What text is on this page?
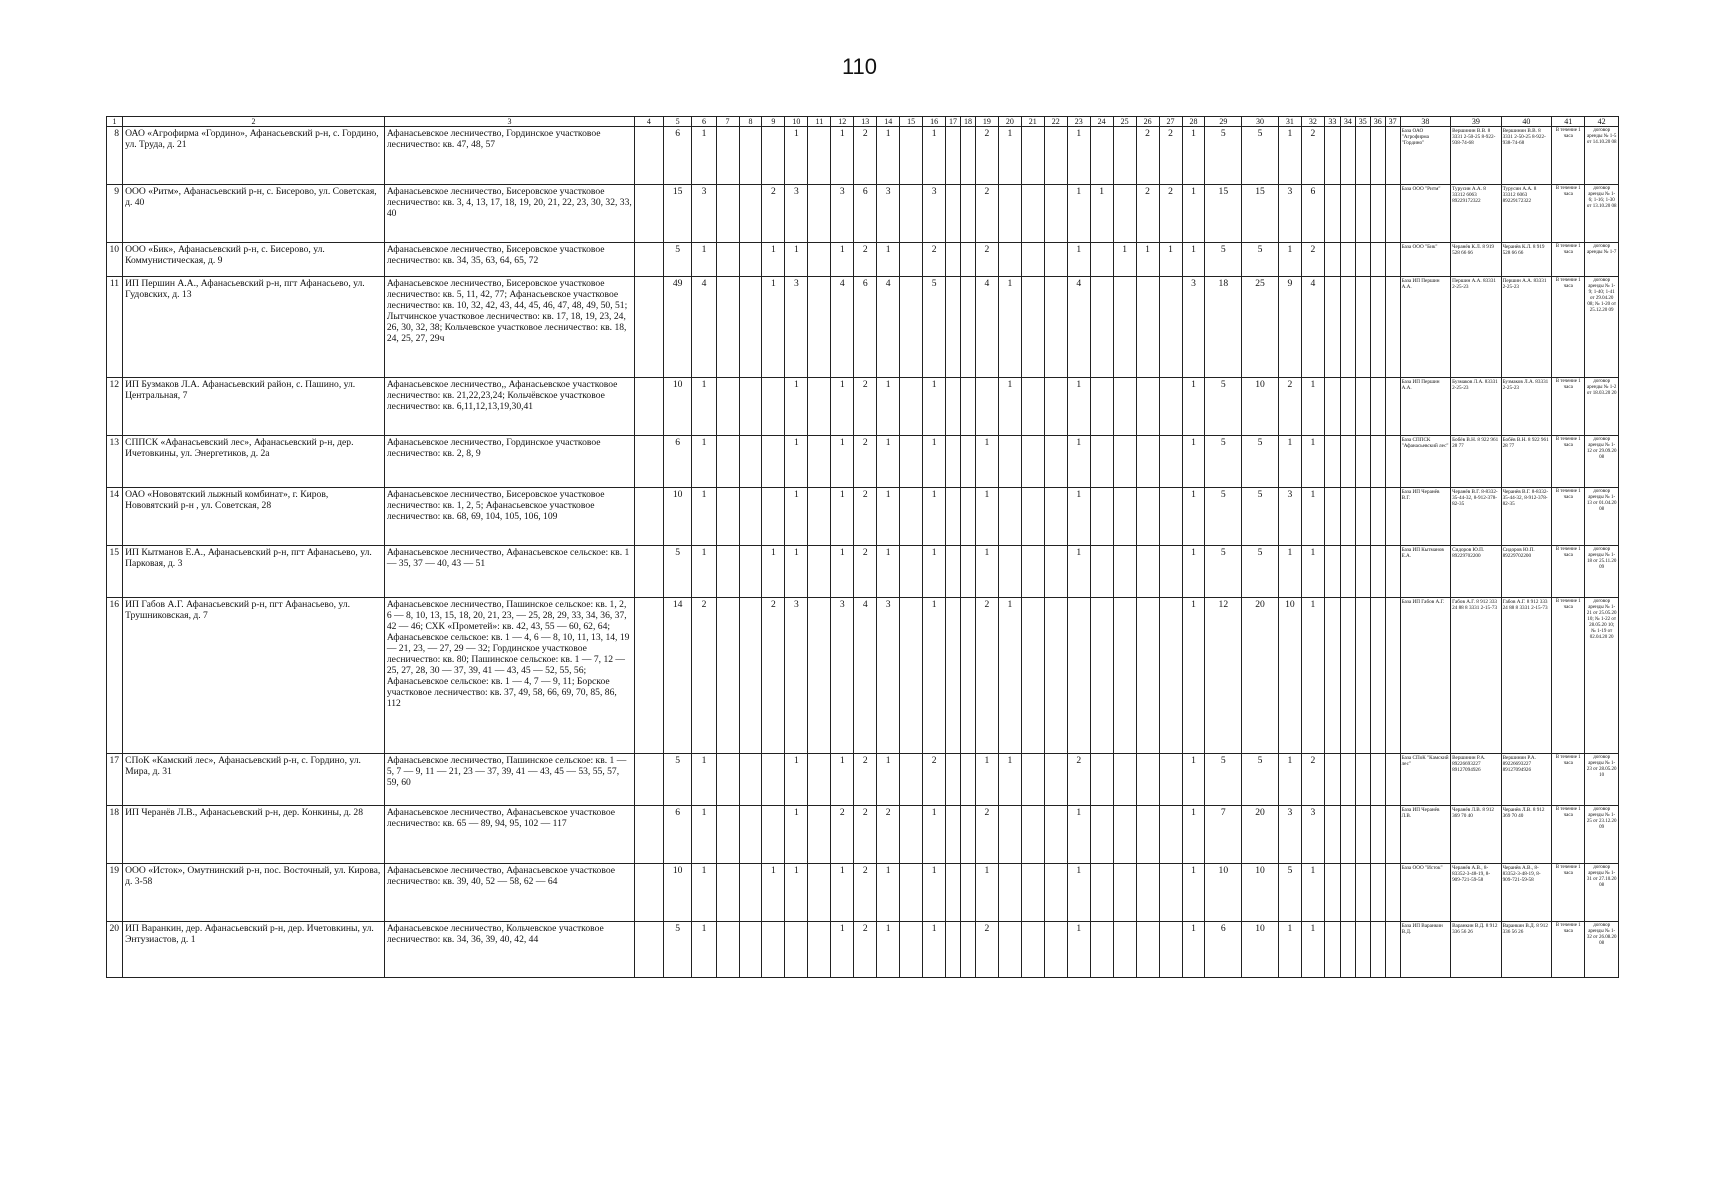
110
1	2	3	4	5	6	7	8	9	10	11	12	13	14	15	16	17	18	19	20	21	22	23	24	25	26	27	28	29	30	31	32	33	34	35	36	37	38	39	40	41	42
8	ОАО «Агрофирма «Гордино», Афанасьевский р-н, с. Гордино, ул. Труда, д. 21	Афанасьевское лесничество, Гординское участковое лесничество: кв. 47, 48, 57		6	1				1		1	2	1		1			2	1			1			2	2	1	5	5	1	2						База ОАО "Агрофирма "Гордино"	Вершинин В.В. 8 3331 2-50-25 8-922-938-74-68	Вершинин В.В. 8 3331 2-50-25 8-922-938-74-68	В течение 1 часа	договор аренды № 1-5 от 14.10.20 08
9	ООО «Ритм», Афанасьевский р-н, с. Бисерово, ул. Советская, д. 40	Афанасьевское лесничество, Бисеровское участковое лесничество: кв. 3, 4, 13, 17, 18, 19, 20, 21, 22, 23, 30, 32, 33, 40		15	3			2	3		3	6	3		3			2				1	1		2	2	1	15	15	3	6						База ООО "Ритм"	Турусин А.А. 8 33312 6063 89229172322	Турусин А.А. 8 33312 6063 89229172322	В течение 1 часа	договор аренды № 1-6; 1-16; 1-30 от 13.10.20 08
10	ООО «Бик», Афанасьевский р-н, с. Бисерово, ул. Коммунистическая, д. 9	Афанасьевское лесничество, Бисеровское участковое лесничество: кв. 34, 35, 63, 64, 65, 72		5	1			1	1		1	2	1		2			2				1		1	1	1	1	5	5	1	2						База ООО "Бик"	Черанёв К.Л. 8 919 528 66 66	Черанёв К.Л. 8 919 528 66 66	В течение 1 часа	договор аренды № 1-7
11	ИП Першин А.А., Афанасьевский р-н, пгт Афанасьево, ул. Гудовских, д. 13	Афанасьевское лесничество, Бисеровское участковое лесничество: кв. 5, 11, 42, 77; Афанасьевское участковое лесничество: кв. 10, 32, 42, 43, 44, 45, 46, 47, 48, 49, 50, 51; Лытчинское участковое лесничество: кв. 17, 18, 19, 23, 24, 26, 30, 32, 38; Кольчевское участковое лесничество: кв. 18, 24, 25, 27, 29ч		49	4			1	3		4	6	4		5			4	1			4					3	18	25	9	4						База ИП Першин А.А.	Першин А.А. 83331 2-25-23	Першин А.А. 83331 2-25-23	В течение 1 часа	договор аренды № 1-9; 1-40; 1-41 от 29.04.20 08; № 1-20 от 25.12.20 09
12	ИП Бузмаков Л.А. Афанасьевский район, с. Пашино, ул. Центральная, 7	Афанасьевское лесничество,, Афанасьевское участковое лесничество: кв. 21,22,23,24; Кольчёвское участковое лесничество: кв. 6,11,12,13,19,30,41		10	1				1		1	2	1		1				1			1					1	5	10	2	1						База ИП Першин А.А.	Бузмаков Л.А. 83331 2-25-23	Бузмаков Л.А. 83331 2-25-23	В течение 1 часа	договор аренды № 1-2 от 18.03.20 20
13	СППСК «Афанасьевский лес», Афанасьевский р-н, дер. Ичетовкины, ул. Энергетиков, д. 2а	Афанасьевское лесничество, Гординское участковое лесничество: кв. 2, 8, 9		6	1				1		1	2	1		1			1				1					1	5	5	1	1						База СППСК "Афанасьевский лес"	Бобёв В.Н. 8 922 961 28 77	Бобёв В.Н. 8 922 961 28 77	В течение 1 часа	договор аренды № 1-12 от 29.09.20 08
14	ОАО «Нововятский лыжный комбинат», г. Киров, Нововятский р-н , ул. Советская, 28	Афанасьевское лесничество, Бисеровское участковое лесничество: кв. 1, 2, 5; Афанасьевское участковое лесничество: кв. 68, 69, 104, 105, 106, 109		10	1				1		1	2	1		1			1				1					1	5	5	3	1						База ИП Черанёв В.Г.	Черанёв В.Г. 8-8332-35-44-32, 8-912-378-82-35	Черанёв В.Г. 8-8332-35-44-32, 8-912-378-82-35	В течение 1 часа	договор аренды № 1-13 от 01.04.20 08
15	ИП Кытманов Е.А., Афанасьевский р-н, пгт Афанасьево, ул. Парковая, д. 3	Афанасьевское лесничество, Афанасьевское сельское: кв. 1 — 35, 37 — 40, 43 — 51		5	1			1	1		1	2	1		1			1				1					1	5	5	1	1						База ИП Кытманов Е.А.	Сидоров Ю.П. 89229702200	Сидоров Ю.П. 89229702200	В течение 1 часа	договор аренды № 1-18 от 25.11.20 09
16	ИП Габов А.Г. Афанасьевский р-н, пгт Афанасьево, ул. Трушниковская, д. 7	Афанасьевское лесничество, Пашинское сельское: кв. 1, 2, 6 — 8, 10, 13, 15, 18, 20, 21, 23, — 25, 28, 29, 33, 34, 36, 37, 42 — 46; СХК «Прометей»: кв. 42, 43, 55 — 60, 62, 64; Афанасьевское сельское: кв. 1 — 4, 6 — 8, 10, 11, 13, 14, 19 — 21, 23, — 27, 29 — 32; Гординское участковое лесничество: кв. 80; Пашинское сельское: кв. 1 — 7, 12 — 25, 27, 28, 30 — 37, 39, 41 — 43, 45 — 52, 55, 56; Афанасьевское сельское: кв. 1 — 4, 7 — 9, 11; Борское участковое лесничество: кв. 37, 49, 58, 66, 69, 70, 85, 86, 112		14	2			2	3		3	4	3		1			2	1								1	12	20	10	1						База ИП Габов А.Г.	Габов А.Г. 8 912 333 24 88 8 3331 2-15-73	Габов А.Г. 8 912 333 24 88 8 3331 2-15-73	В течение 1 часа	договор аренды № 1-21 от 25.05.20 10; № 1-22 от 28.05.20 10; № 1-19 от 02.04.20 20
17	СПоК «Камский лес», Афанасьевский р-н, с. Гордино, ул. Мира, д. 31	Афанасьевское лесничество, Пашинское сельское: кв. 1 — 5, 7 — 9, 11 — 21, 23 — 37, 39, 41 — 43, 45 — 53, 55, 57, 59, 60		5	1				1		1	2	1		2			1	1			2					1	5	5	1	2						База СПоК "Камский лес"	Вершинин Р.А. 89226693227 89127094926	Вершинин Р.А. 89226693227 89127094926	В течение 1 часа	договор аренды № 1-23 от 28.05.20 10
18	ИП Черанёв Л.В., Афанасьевский р-н, дер. Конкины, д. 28	Афанасьевское лесничество, Афанасьевское участковое лесничество: кв. 65 — 89, 94, 95, 102 — 117		6	1				1		2	2	2		1			2				1					1	7	20	3	3						База ИП Черанёв Л.В.	Черанёв Л.В. 8 912 369 70 40	Черанёв Л.В. 8 912 369 70 40	В течение 1 часа	договор аренды № 1-25 от 23.12.20 09
19	ООО «Исток», Омутнинский р-н, пос. Восточный, ул. Кирова, д. 3-58	Афанасьевское лесничество, Афанасьевское участковое лесничество: кв. 39, 40, 52 — 58, 62 — 64		10	1			1	1		1	2	1		1			1				1					1	10	10	5	1						База ООО "Исток"	Черанёв А.В., 8-83352-3-48-19, 8-909-721-59-58	Черанёв А.В., 8-83352-3-48-19, 8-909-721-59-58	В течение 1 часа	договор аренды № 1-31 от 27.10.20 08
20	ИП Варанкин, дер. Афанасьевский р-н, дер. Ичетовкины, ул. Энтузиастов, д. 1	Афанасьевское лесничество, Кольчевское участковое лесничество: кв. 34, 36, 39, 40, 42, 44		5	1						1	2	1		1			2				1					1	6	10	1	1						База ИП Варанкин В.Д.	Варанкин В.Д. 8 912 336 56 26	Варанкин В.Д. 8 912 336 56 26	В течение 1 часа	договор аренды № 1-32 от 26.08.20 08
